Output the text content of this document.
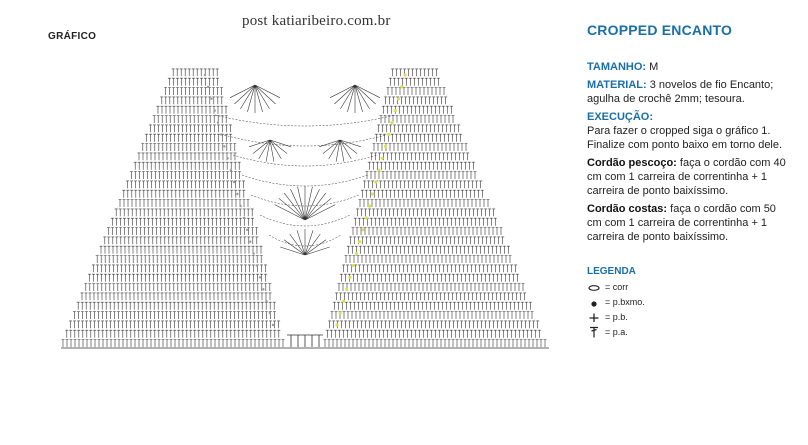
post katiaribeiro.com.br
GRÁFICO	CROPPED ENCANTO
TAMANHO: M
MATERIAL: 3 novelos de fio Encanto; agulha de crochê 2mm; tesoura.
EXECUÇÃO:
Para fazer o cropped siga o gráfico 1. Finalize com ponto baixo em torno dele.
Cordão pescoço: faça o cordão com 40 cm com 1 carreira de correntinha + 1 carreira de ponto baixíssimo.
Cordão costas: faça o cordão com 50 cm com 1 carreira de correntinha + 1 carreira de ponto baixíssimo.
LEGENDA
= corr
= p.bxmo.
= p.b.
= p.a.
